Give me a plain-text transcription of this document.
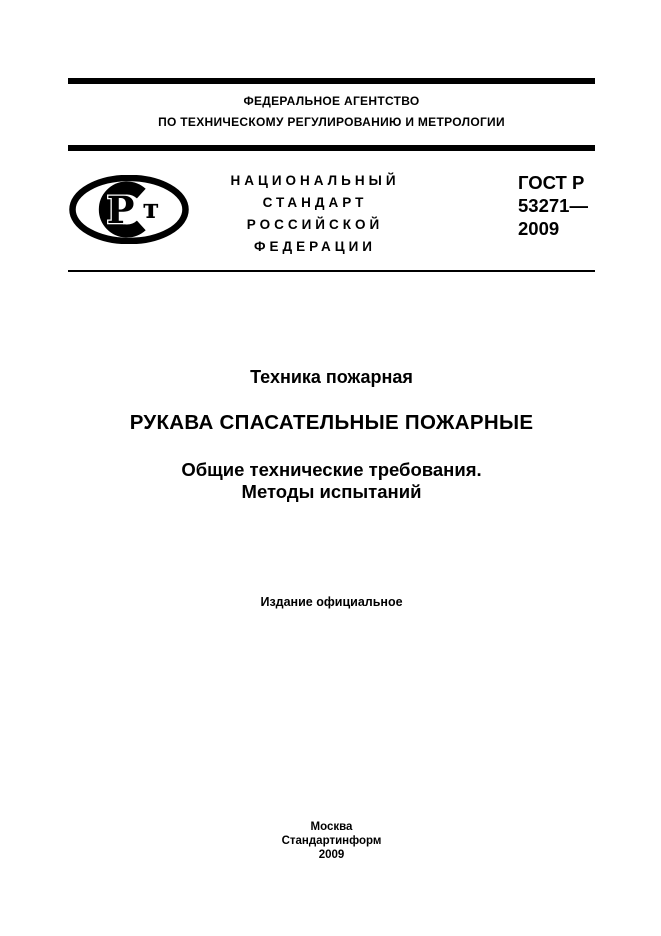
ФЕДЕРАЛЬНОЕ АГЕНТСТВО
ПО ТЕХНИЧЕСКОМУ РЕГУЛИРОВАНИЮ И МЕТРОЛОГИИ
Р т
НАЦИОНАЛЬНЫЙ
СТАНДАРТ
РОССИЙСКОЙ
ФЕДЕРАЦИИ
ГОСТ Р
53271—
2009
Техника пожарная
РУКАВА СПАСАТЕЛЬНЫЕ ПОЖАРНЫЕ
Общие технические требования.
Методы испытаний
Издание официальное
Москва
Стандартинформ
2009
